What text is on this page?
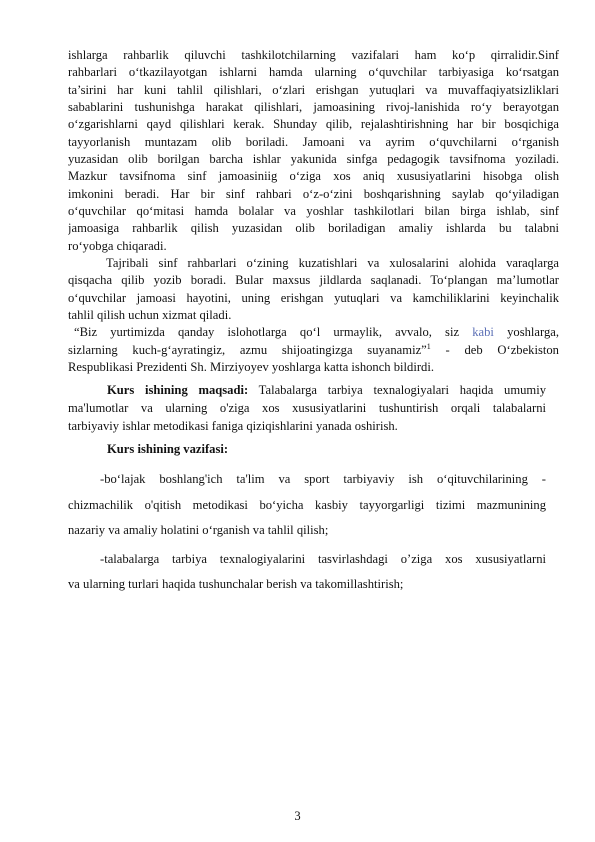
ishlarga rahbarlik qiluvchi tashkilotchilarning vazifalari ham ko‘p qirralidir.Sinf
rahbarlari o‘tkazilayotgan ishlarni hamda ularning o‘quvchilar tarbiyasiga ko‘rsatgan
ta’sirini har kuni tahlil qilishlari, o‘zlari erishgan yutuqlari va muvaffaqiyatsizliklari
sabablarini tushunishga harakat qilishlari, jamoasining rivoj-lanishida ro‘y berayotgan
o‘zgarishlarni qayd qilishlari kerak. Shunday qilib, rejalashtirishning har bir bosqichiga
tayyorlanish muntazam olib boriladi. Jamoani va ayrim o‘quvchilarni o‘rganish
yuzasidan olib borilgan barcha ishlar yakunida sinfga pedagogik tavsifnoma yoziladi.
Mazkur tavsifnoma sinf jamoasiniig o‘ziga xos aniq xususiyatlarini hisobga olish
imkonini beradi. Har bir sinf rahbari o‘z-o‘zini boshqarishning saylab qo‘yiladigan
o‘quvchilar qo‘mitasi hamda bolalar va yoshlar tashkilotlari bilan birga ishlab, sinf
jamoasiga rahbarlik qilish yuzasidan olib boriladigan amaliy ishlarda bu talabni
ro‘yobga chiqaradi.
Tajribali sinf rahbarlari o‘zining kuzatishlari va xulosalarini alohida varaqlarga
qisqacha qilib yozib boradi. Bular maxsus jildlarda saqlanadi. To‘plangan ma’lumotlar
o‘quvchilar jamoasi hayotini, uning erishgan yutuqlari va kamchiliklarini keyinchalik
tahlil qilish uchun xizmat qiladi.
“Biz yurtimizda qanday islohotlarga qo‘l urmaylik, avvalo, siz kabi yoshlarga,
sizlarning kuch-g‘ayratingiz, azmu shijoatingizga suyanamiz”$^1$ - deb O‘zbekiston
Respublikasi Prezidenti Sh. Mirziyoyev yoshlarga katta ishonch bildirdi.
Kurs ishining maqsadi: Talabalarga tarbiya texnalogiyalari haqida umumiy
ma'lumotlar va ularning o'ziga xos xususiyatlarini tushuntirish orqali talabalarni
tarbiyaviy ishlar metodikasi faniga qiziqishlarini yanada oshirish.
Kurs ishining vazifasi:
-bo‘lajak boshlang'ich ta'lim va sport tarbiyaviy ish o‘qituvchilarining -
chizmachilik o'qitish metodikasi bo‘yicha kasbiy tayyorgarligi tizimi mazmunining
nazariy va amaliy holatini o‘rganish va tahlil qilish;
-talabalarga tarbiya texnalogiyalarini tasvirlashdagi o’ziga xos xususiyatlarni
va ularning turlari haqida tushunchalar berish va takomillashtirish;
3
